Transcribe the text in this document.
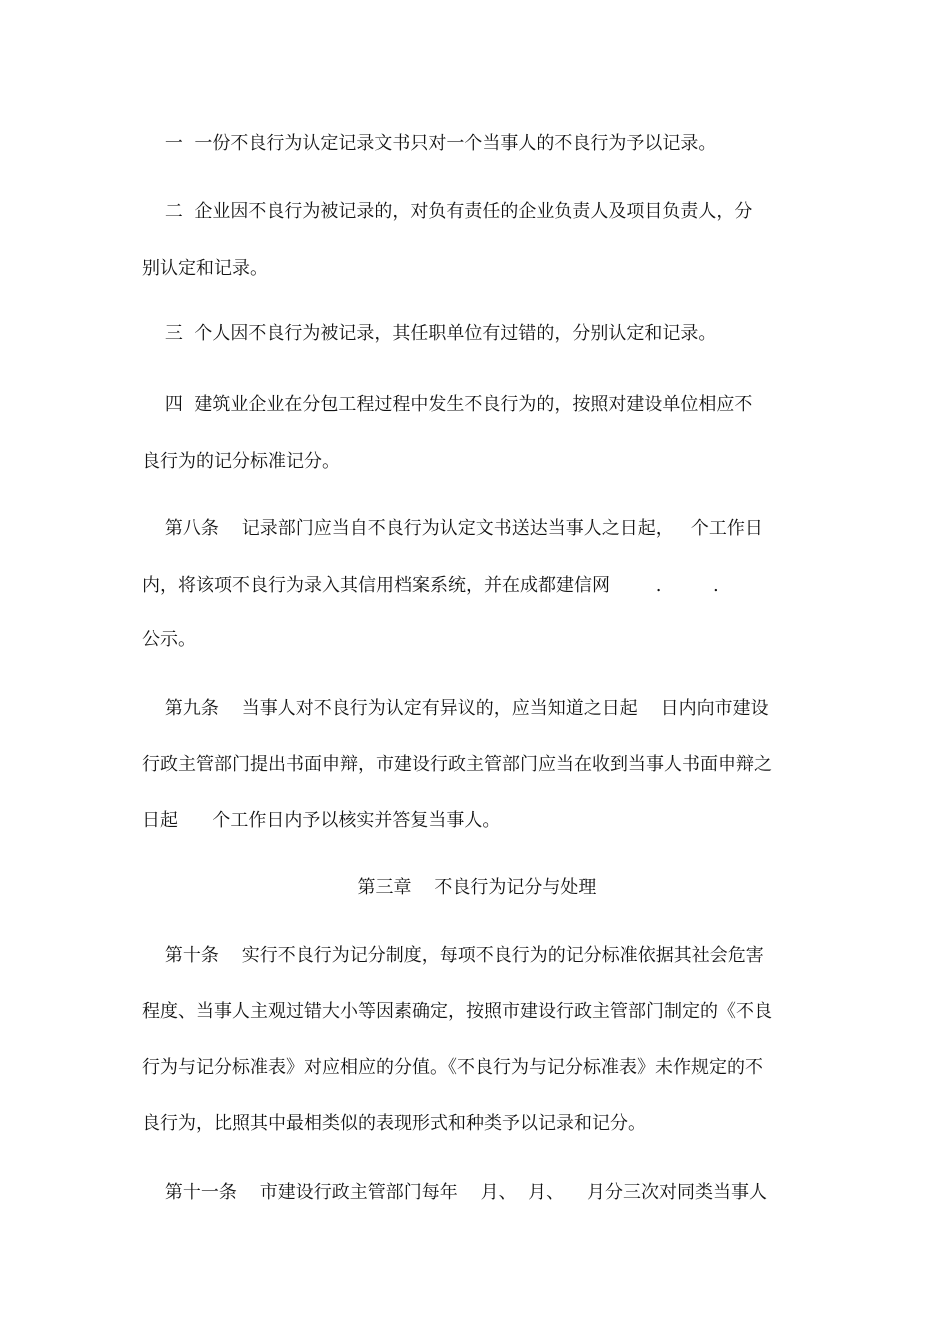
一  一份不良行为认定记录文书只对一个当事人的不良行为予以记录。
二  企业因不良行为被记录的，对负有责任的企业负责人及项目负责人，分
别认定和记录。
三  个人因不良行为被记录，其任职单位有过错的，分别认定和记录。
四  建筑业企业在分包工程过程中发生不良行为的，按照对建设单位相应不
良行为的记分标准记分。
第八条    记录部门应当自不良行为认定文书送达当事人之日起，   个工作日
内，将该项不良行为录入其信用档案系统，并在成都建信网        .         .
公示。
第九条    当事人对不良行为认定有异议的，应当知道之日起    日内向市建设
行政主管部门提出书面申辩，市建设行政主管部门应当在收到当事人书面申辩之
日起      个工作日内予以核实并答复当事人。
第三章    不良行为记分与处理
第十条    实行不良行为记分制度，每项不良行为的记分标准依据其社会危害
程度、当事人主观过错大小等因素确定，按照市建设行政主管部门制定的《不良
行为与记分标准表》对应相应的分值。《不良行为与记分标准表》未作规定的不
良行为，比照其中最相类似的表现形式和种类予以记录和记分。
第十一条    市建设行政主管部门每年    月、  月、    月分三次对同类当事人
